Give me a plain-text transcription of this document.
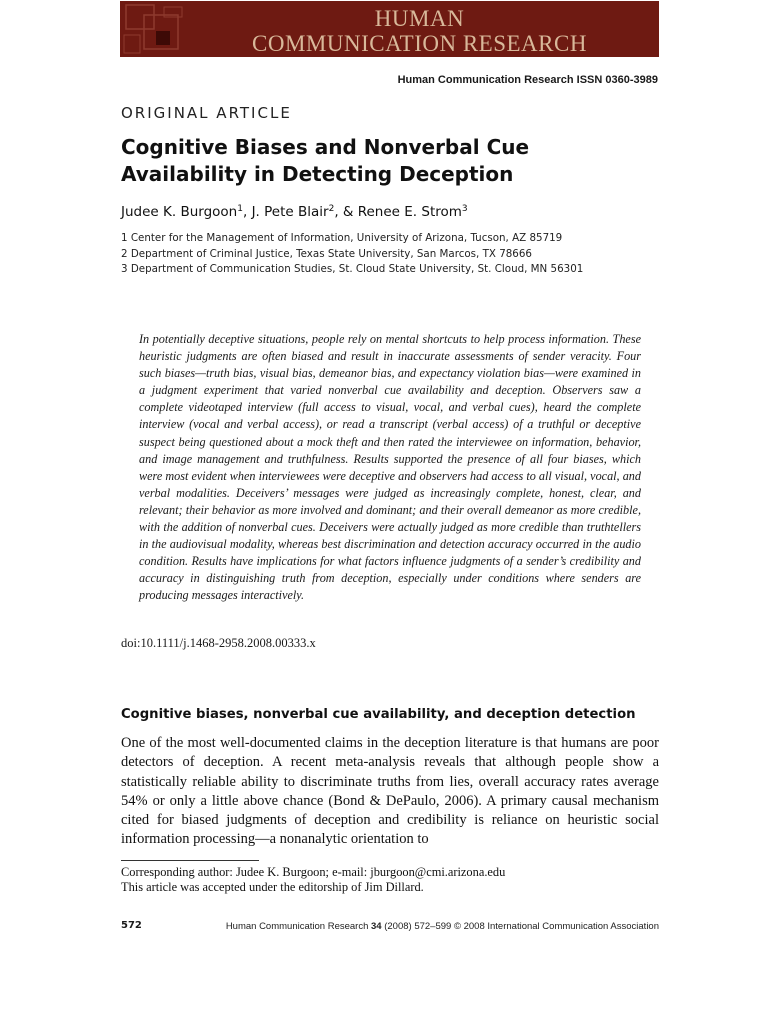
HUMAN
COMMUNICATION RESEARCH
Human Communication Research ISSN 0360-3989
ORIGINAL ARTICLE
Cognitive Biases and Nonverbal Cue Availability in Detecting Deception
Judee K. Burgoon$^1$, J. Pete Blair$^2$, & Renee E. Strom$^3$
1 Center for the Management of Information, University of Arizona, Tucson, AZ 85719
2 Department of Criminal Justice, Texas State University, San Marcos, TX 78666
3 Department of Communication Studies, St. Cloud State University, St. Cloud, MN 56301

In potentially deceptive situations, people rely on mental shortcuts to help process information. These heuristic judgments are often biased and result in inaccurate assessments of sender veracity. Four such biases—truth bias, visual bias, demeanor bias, and expectancy violation bias—were examined in a judgment experiment that varied nonverbal cue availability and deception. Observers saw a complete videotaped interview (full access to visual, vocal, and verbal cues), heard the complete interview (vocal and verbal access), or read a transcript (verbal access) of a truthful or deceptive suspect being questioned about a mock theft and then rated the interviewee on information, behavior, and image management and truthfulness. Results supported the presence of all four biases, which were most evident when interviewees were deceptive and observers had access to all visual, vocal, and verbal modalities. Deceivers’ messages were judged as increasingly complete, honest, clear, and relevant; their behavior as more involved and dominant; and their overall demeanor as more credible, with the addition of nonverbal cues. Deceivers were actually judged as more credible than truthtellers in the audiovisual modality, whereas best discrimination and detection accuracy occurred in the audio condition. Results have implications for what factors influence judgments of a sender’s credibility and accuracy in distinguishing truth from deception, especially under conditions where senders are producing messages interactively.

doi:10.1111/j.1468-2958.2008.00333.x
Cognitive biases, nonverbal cue availability, and deception detection

One of the most well-documented claims in the deception literature is that humans are poor detectors of deception. A recent meta-analysis reveals that although people show a statistically reliable ability to discriminate truths from lies, overall accuracy rates average 54% or only a little above chance (Bond & DePaulo, 2006). A primary causal mechanism cited for biased judgments of deception and credibility is reliance on heuristic social information processing—a nonanalytic orientation to

Corresponding author: Judee K. Burgoon; e-mail: jburgoon@cmi.arizona.edu
This article was accepted under the editorship of Jim Dillard.
572	Human Communication Research 34 (2008) 572–599 © 2008 International Communication Association
